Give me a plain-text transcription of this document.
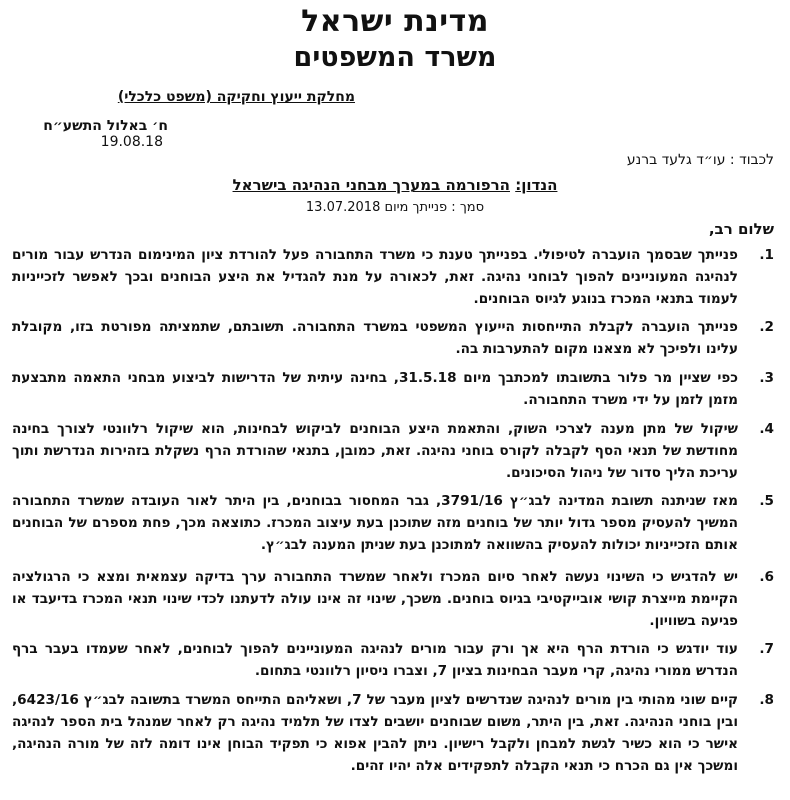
מדינת ישראל
משרד המשפטים
מחלקת ייעוץ וחקיקה (משפט כלכלי)
ח׳ באלול התשע״ח
19.08.18
לכבוד : עו״ד גלעד ברנע
הנדון: הרפורמה במערך מבחני הנהיגה בישראל
סמך : פנייתך מיום 13.07.2018
שלום רב,
1.
פנייתך שבסמך הועברה לטיפולי. בפנייתך טענת כי משרד התחבורה פעל להורדת ציון המינימום הנדרש עבור מורים לנהיגה המעוניינים להפוך לבוחני נהיגה. זאת, לכאורה על מנת להגדיל את היצע הבוחנים ובכך לאפשר לזכייניות לעמוד בתנאי המכרז בנוגע לגיוס הבוחנים.
2.
פנייתך הועברה לקבלת התייחסות הייעוץ המשפטי במשרד התחבורה. תשובתם, שתמציתה מפורטת בזו, מקובלת עלינו ולפיכך לא מצאנו מקום להתערבות בה.
3.
כפי שציין מר פלור בתשובתו למכתבך מיום 31.5.18, בחינה עיתית של הדרישות לביצוע מבחני התאמה מתבצעת מזמן לזמן על ידי משרד התחבורה.
4.
שיקול של מתן מענה לצרכי השוק, והתאמת היצע הבוחנים לביקוש לבחינות, הוא שיקול רלוונטי לצורך בחינה מחודשת של תנאי הסף לקבלה לקורס בוחני נהיגה. זאת, כמובן, בתנאי שהורדת הרף נשקלת בזהירות הנדרשת ותוך עריכת הליך סדור של ניהול הסיכונים.
5.
מאז שניתנה תשובת המדינה לבג״ץ 3791/16, גבר המחסור בבוחנים, בין היתר לאור העובדה שמשרד התחבורה המשיך להעסיק מספר גדול יותר של בוחנים מזה שתוכנן בעת עיצוב המכרז. כתוצאה מכך, פחת מספרם של הבוחנים אותם הזכייניות יכולות להעסיק בהשוואה למתוכנן בעת שניתן המענה לבג״ץ.
6.
יש להדגיש כי השינוי נעשה לאחר סיום המכרז ולאחר שמשרד התחבורה ערך בדיקה עצמאית ומצא כי הרגולציה הקיימת מייצרת קושי אובייקטיבי בגיוס בוחנים. משכך, שינוי זה אינו עולה לדעתנו לכדי שינוי תנאי המכרז בדיעבד או פגיעה בשוויון.
7.
עוד יודגש כי הורדת הרף היא אך ורק עבור מורים לנהיגה המעוניינים להפוך לבוחנים, לאחר שעמדו בעבר ברף הנדרש ממורי נהיגה, קרי מעבר הבחינות בציון 7, וצברו ניסיון רלוונטי בתחום.
8.
קיים שוני מהותי בין מורים לנהיגה שנדרשים לציון מעבר של 7, ושאליהם התייחס המשרד בתשובה לבג״ץ 6423/16, ובין בוחני הנהיגה. זאת, בין היתר, משום שבוחנים יושבים לצדו של תלמיד נהיגה רק לאחר שמנהל בית הספר לנהיגה אישר כי הוא כשיר לגשת למבחן ולקבל רישיון. ניתן להבין אפוא כי תפקיד הבוחן אינו דומה לזה של מורה הנהיגה, ומשכך אין גם הכרח כי תנאי הקבלה לתפקידים אלה יהיו זהים.
